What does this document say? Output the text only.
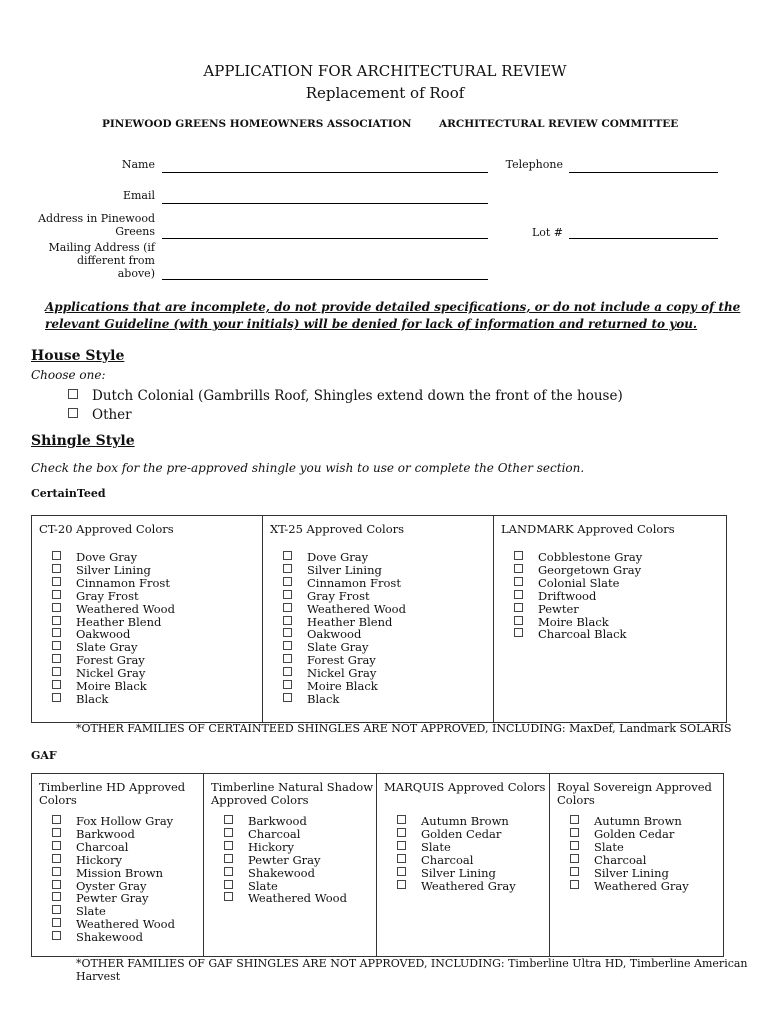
APPLICATION FOR ARCHITECTURAL REVIEW
Replacement of Roof
PINEWOOD GREENS HOMEOWNERS ASSOCIATION	ARCHITECTURAL REVIEW COMMITTEE
Name	Telephone
Email
Address in Pinewood Greens	Lot #
Mailing Address (if different from above)
Applications that are incomplete, do not provide detailed specifications, or do not include a copy of the
relevant Guideline (with your initials) will be denied for lack of information and returned to you.
House Style
Choose one:
Dutch Colonial (Gambrills Roof, Shingles extend down the front of the house)
Other
Shingle Style
Check the box for the pre-approved shingle you wish to use or complete the Other section.
CertainTeed
CT-20 Approved Colors
Dove Gray
Silver Lining
Cinnamon Frost
Gray Frost
Weathered Wood
Heather Blend
Oakwood
Slate Gray
Forest Gray
Nickel Gray
Moire Black
Black

XT-25 Approved Colors
Dove Gray
Silver Lining
Cinnamon Frost
Gray Frost
Weathered Wood
Heather Blend
Oakwood
Slate Gray
Forest Gray
Nickel Gray
Moire Black
Black

LANDMARK Approved Colors
Cobblestone Gray
Georgetown Gray
Colonial Slate
Driftwood
Pewter
Moire Black
Charcoal Black
*OTHER FAMILIES OF CERTAINTEED SHINGLES ARE NOT APPROVED, INCLUDING: MaxDef, Landmark SOLARIS
GAF
Timberline HD Approved Colors
Fox Hollow Gray
Barkwood
Charcoal
Hickory
Mission Brown
Oyster Gray
Pewter Gray
Slate
Weathered Wood
Shakewood

Timberline Natural Shadow Approved Colors
Barkwood
Charcoal
Hickory
Pewter Gray
Shakewood
Slate
Weathered Wood

MARQUIS Approved Colors
Autumn Brown
Golden Cedar
Slate
Charcoal
Silver Lining
Weathered Gray

Royal Sovereign Approved Colors
Autumn Brown
Golden Cedar
Slate
Charcoal
Silver Lining
Weathered Gray
*OTHER FAMILIES OF GAF SHINGLES ARE NOT APPROVED, INCLUDING: Timberline Ultra HD, Timberline American
Harvest
